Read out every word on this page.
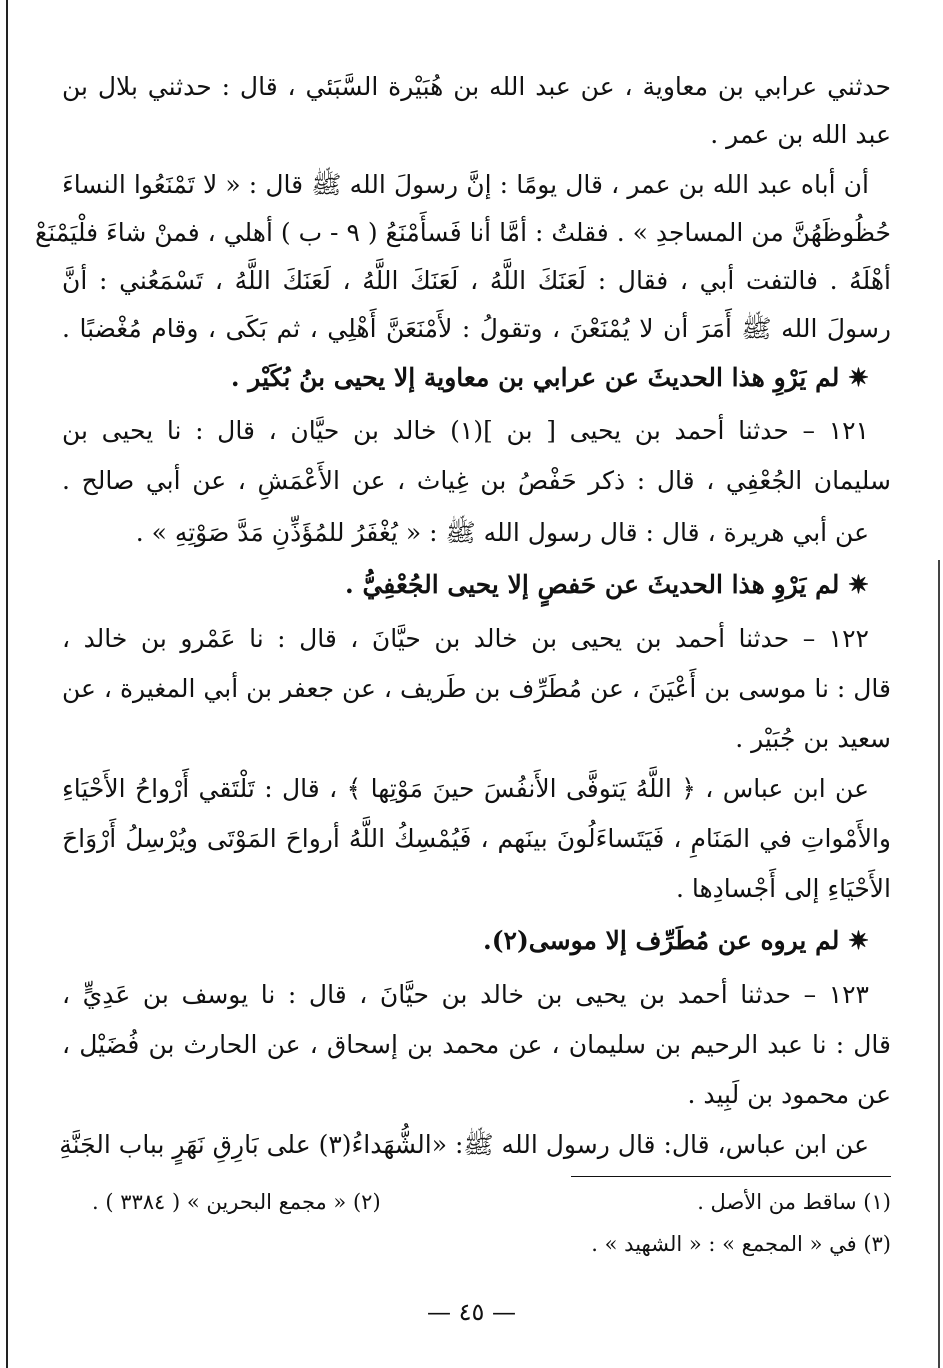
حدثني عرابي بن معاوية ، عن عبد الله بن هُبَيْرة السَّبَئي ، قال : حدثني بلال بن
عبد الله بن عمر .
أن أباه عبد الله بن عمر ، قال يومًا : إنَّ رسولَ الله ﷺ قال : « لا تَمْنَعُوا النساءَ
حُظُوظَهُنَّ من المساجدِ » . فقلتُ : أمَّا أنا فَسأَمْنَعُ ( ٩ - ب ) أهلي ، فمنْ شاءَ فلْيَمْنَعْ
أهْلَهُ . فالتفت أبي ، فقال : لَعَنَكَ اللَّهُ ، لَعَنَكَ اللَّهُ ، لَعَنَكَ اللَّهُ ، تَسْمَعُني : أنَّ
رسولَ الله ﷺ أَمَرَ أن لا يُمْنَعْنَ ، وتقولُ : لأَمْنَعَنَّ أَهْلِي ، ثم بَكَى ، وقام مُغْضبًا .
✷ لم يَرْوِ هذا الحديثَ عن عرابي بن معاوية إلا يحيى بنُ بُكَيْر .
١٢١ – حدثنا أحمد بن يحيى [ بن ](١) خالد بن حيَّان ، قال : نا يحيى بن
سليمان الجُعْفِي ، قال : ذكر حَفْصُ بن غِياث ، عن الأَعْمَشِ ، عن أبي صالح .
عن أبي هريرة ، قال : قال رسول الله ﷺ : « يُغْفَرُ للمُؤَذِّنِ مَدَّ صَوْتِهِ » .
✷ لم يَرْوِ هذا الحديثَ عن حَفصٍ إلا يحيى الجُعْفِيُّ .
١٢٢ – حدثنا أحمد بن يحيى بن خالد بن حيَّانَ ، قال : نا عَمْرو بن خالد ،
قال : نا موسى بن أَعْيَنَ ، عن مُطَرِّف بن طَريف ، عن جعفر بن أبي المغيرة ، عن
سعيد بن جُبَيْر .
عن ابن عباس ، ﴿ اللَّهُ يَتوفَّى الأَنفُسَ حينَ مَوْتِها ﴾ ، قال : تَلْتَقي أَرْواحُ الأَحْيَاءِ
والأَمْواتِ في المَنَامِ ، فَيَتَساءَلُونَ بينَهم ، فَيُمْسِكُ اللَّهُ أرواحَ المَوْتَى ويُرْسِلُ أَرْوَاحَ
الأَحْيَاءِ إلى أَجْسادِها .
✷ لم يروه عن مُطَرِّف إلا موسى(٢).
١٢٣ – حدثنا أحمد بن يحيى بن خالد بن حيَّانَ ، قال : نا يوسف بن عَدِيٍّ ،
قال : نا عبد الرحيم بن سليمان ، عن محمد بن إسحاق ، عن الحارث بن فُضَيْل ،
عن محمود بن لَبِيد .
عن ابن عباس، قال: قال رسول الله ﷺ: «الشُّهَداءُ(٣) على بَارِقِ نَهَرٍ بباب الجَنَّةِ
(١) ساقط من الأصل .
(٢) « مجمع البحرين » ( ٣٣٨٤ ) .
(٣) في « المجمع » : « الشهيد » .
— ٤٥ —
